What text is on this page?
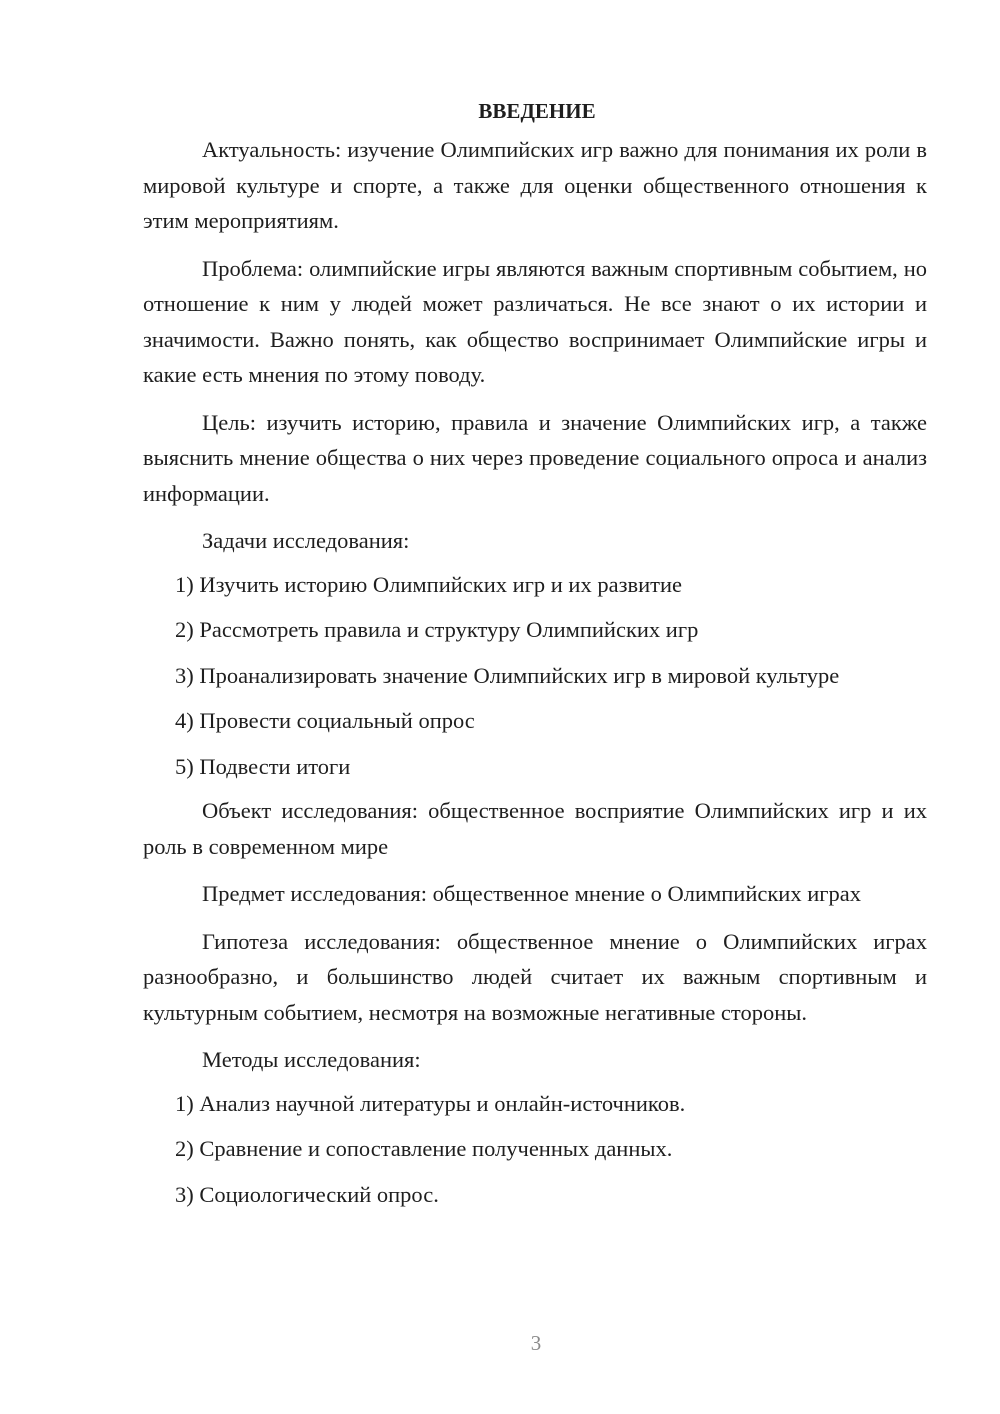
ВВЕДЕНИЕ

Актуальность: изучение Олимпийских игр важно для понимания их роли в мировой культуре и спорте, а также для оценки общественного отношения к этим мероприятиям.

Проблема: олимпийские игры являются важным спортивным событием, но отношение к ним у людей может различаться. Не все знают о их истории и значимости. Важно понять, как общество воспринимает Олимпийские игры и какие есть мнения по этому поводу.

Цель: изучить историю, правила и значение Олимпийских игр, а также выяснить мнение общества о них через проведение социального опроса и анализ информации.

Задачи исследования:

1) Изучить историю Олимпийских игр и их развитие
2) Рассмотреть правила и структуру Олимпийских игр
3) Проанализировать значение Олимпийских игр в мировой культуре
4) Провести социальный опрос
5) Подвести итоги

Объект исследования: общественное восприятие Олимпийских игр и их роль в современном мире

Предмет исследования: общественное мнение о Олимпийских играх

Гипотеза исследования: общественное мнение о Олимпийских играх разнообразно, и большинство людей считает их важным спортивным и культурным событием, несмотря на возможные негативные стороны.

Методы исследования:

1) Анализ научной литературы и онлайн-источников.
2) Сравнение и сопоставление полученных данных.
3) Социологический опрос.
3
